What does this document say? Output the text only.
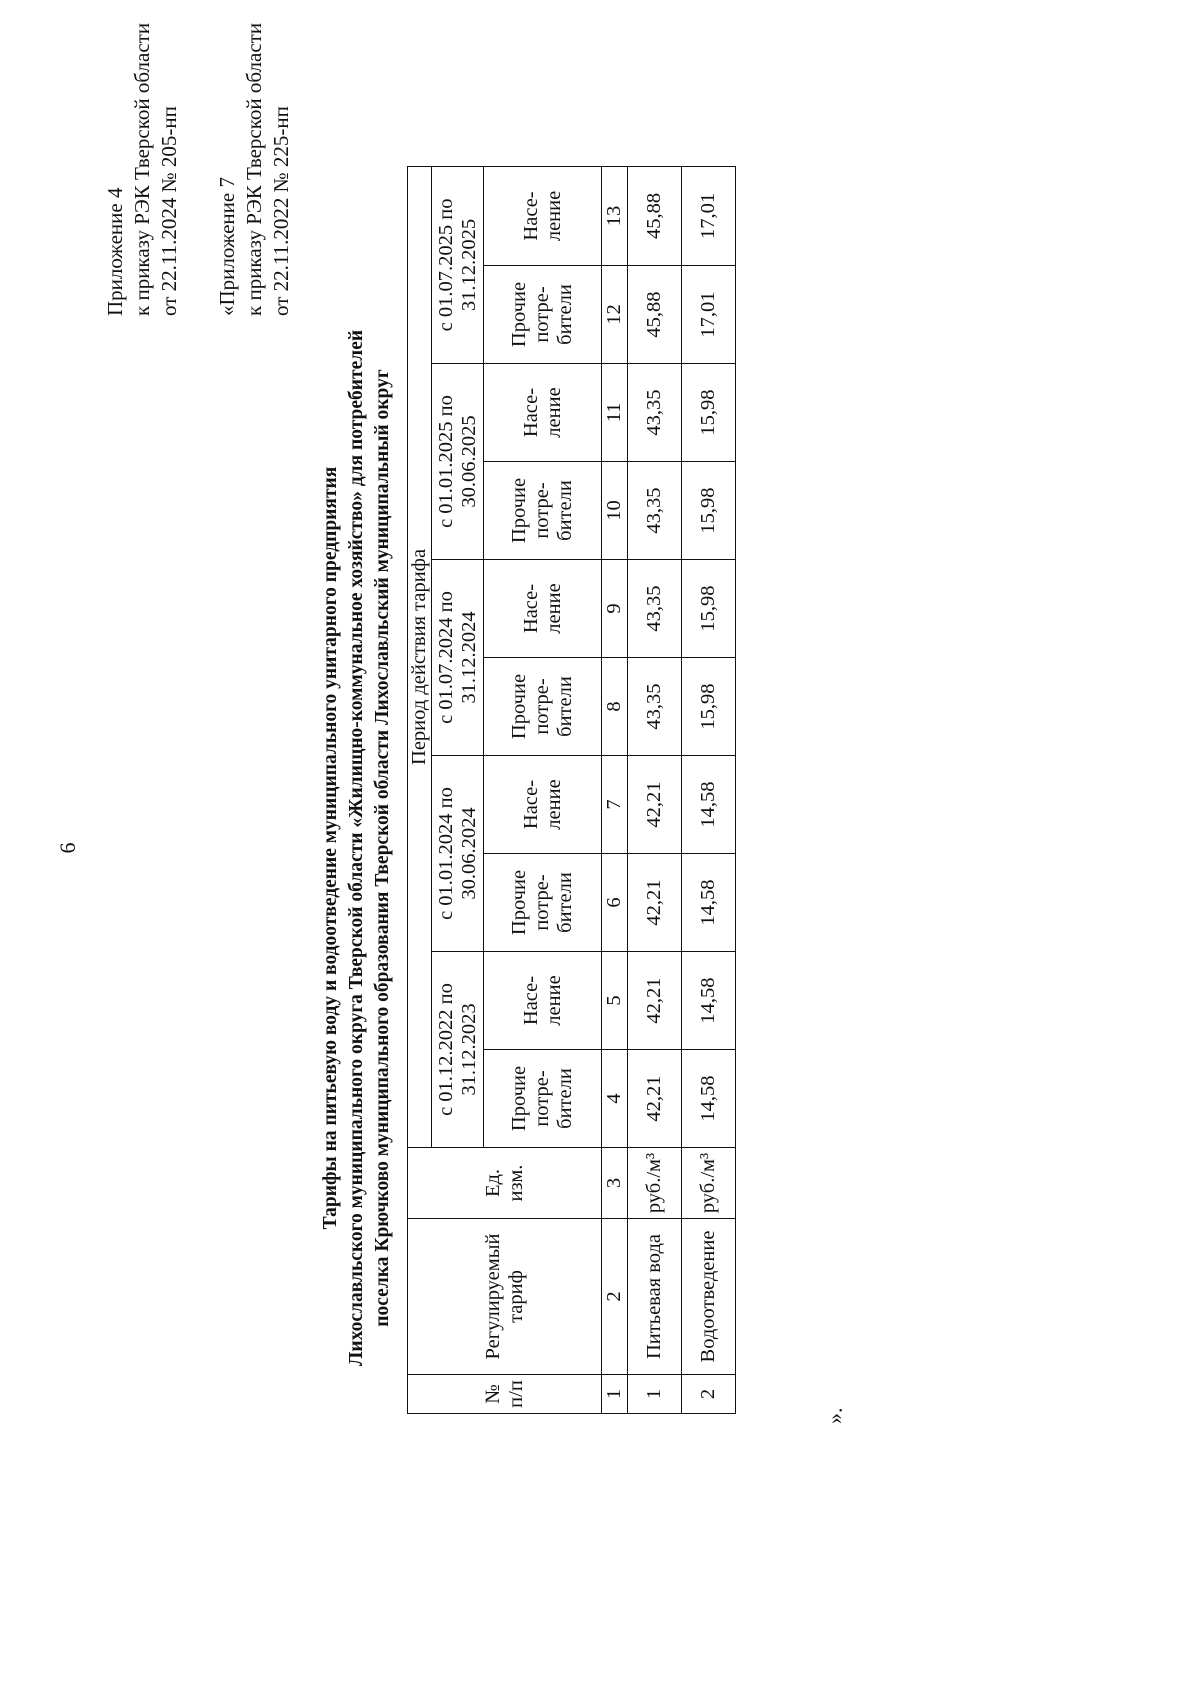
6
Приложение 4 к приказу РЭК Тверской области от 22.11.2024 № 205-нп «Приложение 7 к приказу РЭК Тверской области от 22.11.2022 № 225-нп
Тарифы на питьевую воду и водоотведение муниципального унитарного предприятия Лихославльского муниципального округа Тверской области «Жилищно-коммунальное хозяйство» для потребителей поселка Крючково муниципального образования Тверской области Лихославльский муниципальный округ
№ п/п	Регулируемый тариф	Ед. изм.	Период действия тарифа									
			с 01.12.2022 по 31.12.2023		с 01.01.2024 по 30.06.2024		с 01.07.2024 по 31.12.2024		с 01.01.2025 по 30.06.2025		с 01.07.2025 по 31.12.2025	
			Прочие потре- бители	Насе- ление	Прочие потре- бители	Насе- ление	Прочие потре- бители	Насе- ление	Прочие потре- бители	Насе- ление	Прочие потре- бители	Насе- ление
1	2	3	4	5	6	7	8	9	10	11	12	13
1	Питьевая вода	руб./м³	42,21	42,21	42,21	42,21	43,35	43,35	43,35	43,35	45,88	45,88
2	Водоотведение	руб./м³	14,58	14,58	14,58	14,58	15,98	15,98	15,98	15,98	17,01	17,01
».
